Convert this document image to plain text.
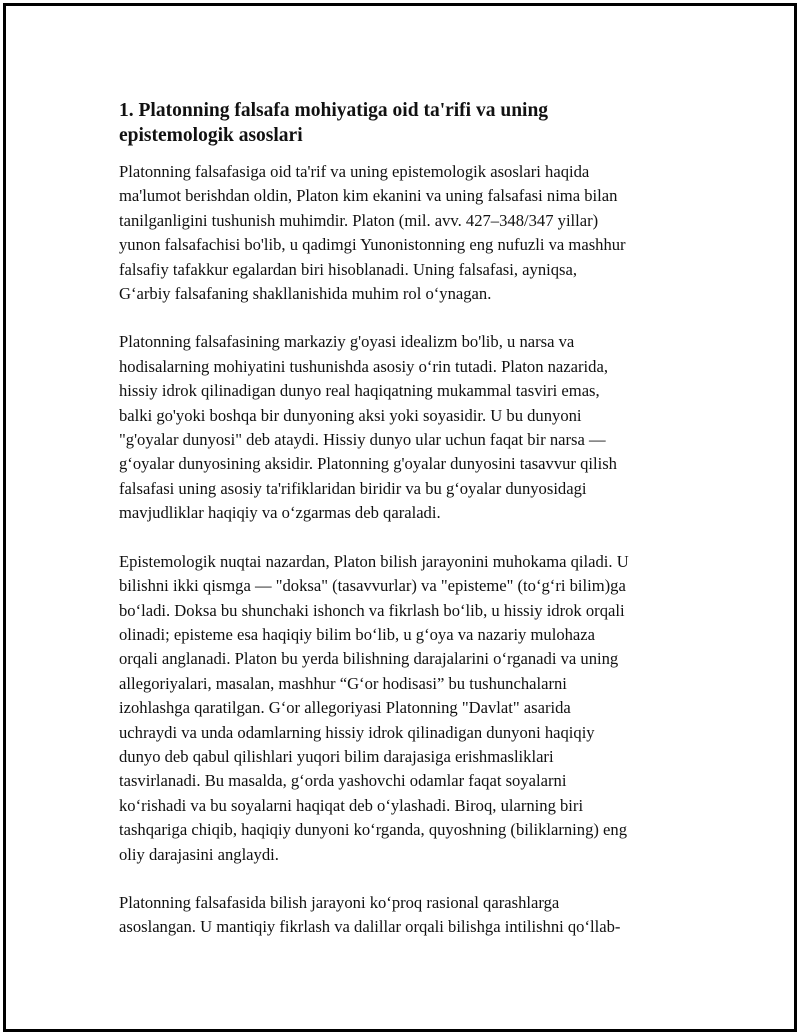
1. Platonning falsafa mohiyatiga oid ta'rifi va uning
epistemologik asoslari

Platonning falsafasiga oid ta'rif va uning epistemologik asoslari haqida
ma'lumot berishdan oldin, Platon kim ekanini va uning falsafasi nima bilan
tanilganligini tushunish muhimdir. Platon (mil. avv. 427–348/347 yillar)
yunon falsafachisi bo'lib, u qadimgi Yunonistonning eng nufuzli va mashhur
falsafiy tafakkur egalardan biri hisoblanadi. Uning falsafasi, ayniqsa,
G‘arbiy falsafaning shakllanishida muhim rol o‘ynagan.

Platonning falsafasining markaziy g'oyasi idealizm bo'lib, u narsa va
hodisalarning mohiyatini tushunishda asosiy o‘rin tutadi. Platon nazarida,
hissiy idrok qilinadigan dunyo real haqiqatning mukammal tasviri emas,
balki go'yoki boshqa bir dunyoning aksi yoki soyasidir. U bu dunyoni
"g'oyalar dunyosi" deb ataydi. Hissiy dunyo ular uchun faqat bir narsa —
g‘oyalar dunyosining aksidir. Platonning g'oyalar dunyosini tasavvur qilish
falsafasi uning asosiy ta'rifiklaridan biridir va bu g‘oyalar dunyosidagi
mavjudliklar haqiqiy va o‘zgarmas deb qaraladi.

Epistemologik nuqtai nazardan, Platon bilish jarayonini muhokama qiladi. U
bilishni ikki qismga — "doksa" (tasavvurlar) va "episteme" (to‘g‘ri bilim)ga
bo‘ladi. Doksa bu shunchaki ishonch va fikrlash bo‘lib, u hissiy idrok orqali
olinadi; episteme esa haqiqiy bilim bo‘lib, u g‘oya va nazariy mulohaza
orqali anglanadi. Platon bu yerda bilishning darajalarini o‘rganadi va uning
allegoriyalari, masalan, mashhur “G‘or hodisasi” bu tushunchalarni
izohlashga qaratilgan. G‘or allegoriyasi Platonning "Davlat" asarida
uchraydi va unda odamlarning hissiy idrok qilinadigan dunyoni haqiqiy
dunyo deb qabul qilishlari yuqori bilim darajasiga erishmasliklari
tasvirlanadi. Bu masalda, g‘orda yashovchi odamlar faqat soyalarni
ko‘rishadi va bu soyalarni haqiqat deb o‘ylashadi. Biroq, ularning biri
tashqariga chiqib, haqiqiy dunyoni ko‘rganda, quyoshning (biliklarning) eng
oliy darajasini anglaydi.

Platonning falsafasida bilish jarayoni ko‘proq rasional qarashlarga
asoslangan. U mantiqiy fikrlash va dalillar orqali bilishga intilishni qo‘llab-
